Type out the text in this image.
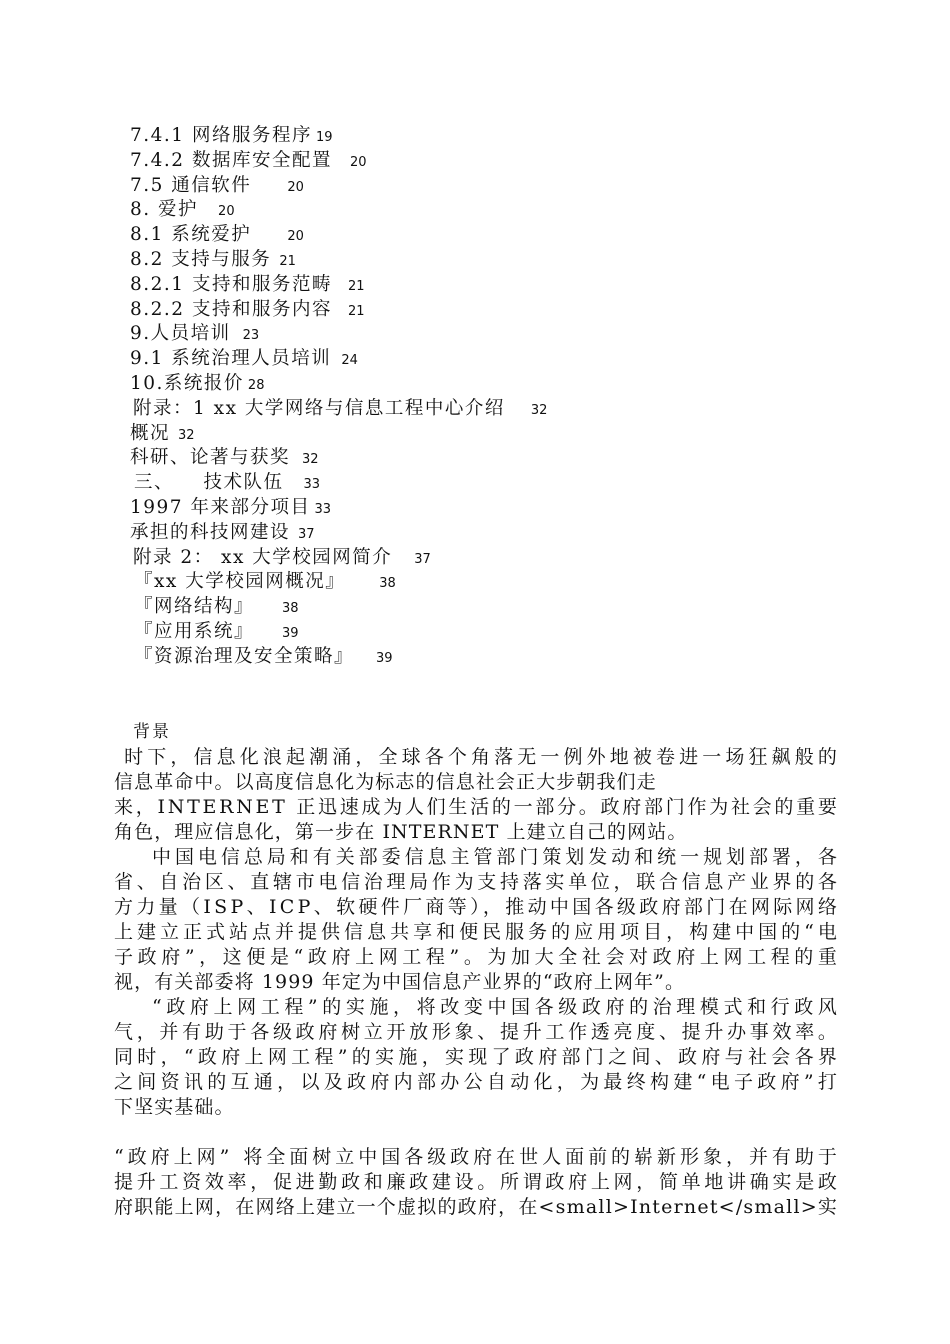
7.4.1 网络服务程序 19
7.4.2 数据库安全配置 20
7.5 通信软件	20
8. 爱护 20
8.1 系统爱护	20
8.2 支持与服务 21
8.2.1 支持和服务范畴 21
8.2.2 支持和服务内容 21
9.人员培训 23
9.1 系统治理人员培训 24
10.系统报价 28
附录：1 xx 大学网络与信息工程中心介绍 32
概况 32
科研、论著与获奖 32
三、    技术队伍 33
1997 年来部分项目 33
承担的科技网建设 37
附录 2： xx 大学校园网简介 37
『xx 大学校园网概况』	38
『网络结构』 38
『应用系统』 39
『资源治理及安全策略』 39
背景
时下，信息化浪起潮涌，全球各个角落无一例外地被卷进一场狂飙般的
信息革命中。以高度信息化为标志的信息社会正大步朝我们走
来，INTERNET 正迅速成为人们生活的一部分。政府部门作为社会的重要
角色，理应信息化，第一步在 INTERNET 上建立自己的网站。
中国电信总局和有关部委信息主管部门策划发动和统一规划部署，各
省、自治区、直辖市电信治理局作为支持落实单位，联合信息产业界的各
方力量（ISP、ICP、软硬件厂商等），推动中国各级政府部门在网际网络
上建立正式站点并提供信息共享和便民服务的应用项目，构建中国的“电
子政府”，这便是“政府上网工程”。为加大全社会对政府上网工程的重
视，有关部委将 1999 年定为中国信息产业界的“政府上网年”。
“政府上网工程”的实施，将改变中国各级政府的治理模式和行政风
气，并有助于各级政府树立开放形象、提升工作透亮度、提升办事效率。
同时，“政府上网工程”的实施，实现了政府部门之间、政府与社会各界
之间资讯的互通，以及政府内部办公自动化，为最终构建“电子政府”打
下坚实基础。
“政府上网” 将全面树立中国各级政府在世人面前的崭新形象，并有助于
提升工资效率，促进勤政和廉政建设。所谓政府上网，简单地讲确实是政
府职能上网，在网络上建立一个虚拟的政府，在<small>Internet</small>实
